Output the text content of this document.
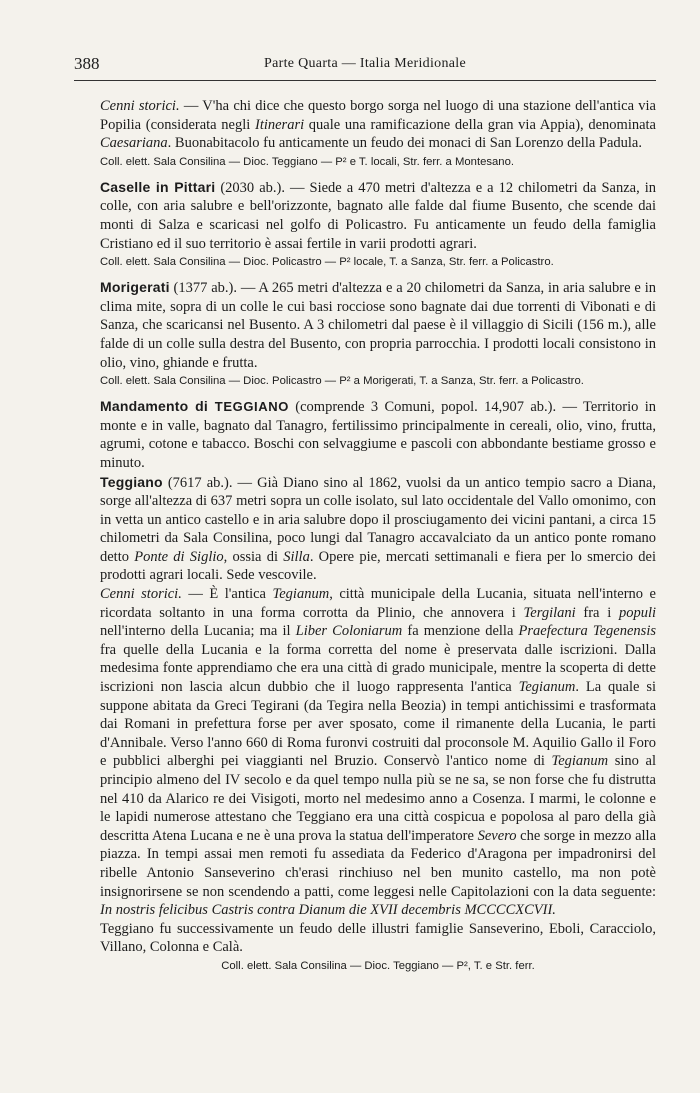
388	Parte Quarta — Italia Meridionale

Cenni storici. — V'ha chi dice che questo borgo sorga nel luogo di una stazione dell'antica via Popilia (considerata negli Itinerari quale una ramificazione della gran via Appia), denominata Caesariana. Buonabitacolo fu anticamente un feudo dei monaci di San Lorenzo della Padula.

Coll. elett. Sala Consilina — Dioc. Teggiano — P² e T. locali, Str. ferr. a Montesano.

Caselle in Pittari (2030 ab.). — Siede a 470 metri d'altezza e a 12 chilometri da Sanza, in colle, con aria salubre e bell'orizzonte, bagnato alle falde dal fiume Busento, che scende dai monti di Salza e scaricasi nel golfo di Policastro. Fu anticamente un feudo della famiglia Cristiano ed il suo territorio è assai fertile in varii prodotti agrari.

Coll. elett. Sala Consilina — Dioc. Policastro — P² locale, T. a Sanza, Str. ferr. a Policastro.

Morigerati (1377 ab.). — A 265 metri d'altezza e a 20 chilometri da Sanza, in aria salubre e in clima mite, sopra di un colle le cui basi rocciose sono bagnate dai due torrenti di Vibonati e di Sanza, che scaricansi nel Busento. A 3 chilometri dal paese è il villaggio di Sicili (156 m.), alle falde di un colle sulla destra del Busento, con propria parrocchia. I prodotti locali consistono in olio, vino, ghiande e frutta.

Coll. elett. Sala Consilina — Dioc. Policastro — P² a Morigerati, T. a Sanza, Str. ferr. a Policastro.

Mandamento di TEGGIANO (comprende 3 Comuni, popol. 14,907 ab.). — Territorio in monte e in valle, bagnato dal Tanagro, fertilissimo principalmente in cereali, olio, vino, frutta, agrumi, cotone e tabacco. Boschi con selvaggiume e pascoli con abbondante bestiame grosso e minuto.

Teggiano (7617 ab.). — Già Diano sino al 1862, vuolsi da un antico tempio sacro a Diana, sorge all'altezza di 637 metri sopra un colle isolato, sul lato occidentale del Vallo omonimo, con in vetta un antico castello e in aria salubre dopo il prosciugamento dei vicini pantani, a circa 15 chilometri da Sala Consilina, poco lungi dal Tanagro accavalciato da un antico ponte romano detto Ponte di Siglio, ossia di Silla. Opere pie, mercati settimanali e fiera per lo smercio dei prodotti agrari locali. Sede vescovile.

Cenni storici. — È l'antica Tegianum, città municipale della Lucania, situata nell'interno e ricordata soltanto in una forma corrotta da Plinio, che annovera i Tergilani fra i populi nell'interno della Lucania; ma il Liber Coloniarum fa menzione della Praefectura Tegenensis fra quelle della Lucania e la forma corretta del nome è preservata dalle iscrizioni. Dalla medesima fonte apprendiamo che era una città di grado municipale, mentre la scoperta di dette iscrizioni non lascia alcun dubbio che il luogo rappresenta l'antica Tegianum. La quale si suppone abitata da Greci Tegirani (da Tegira nella Beozia) in tempi antichissimi e trasformata dai Romani in prefettura forse per aver sposato, come il rimanente della Lucania, le parti d'Annibale. Verso l'anno 660 di Roma furonvi costruiti dal proconsole M. Aquilio Gallo il Foro e pubblici alberghi pei viaggianti nel Bruzio. Conservò l'antico nome di Tegianum sino al principio almeno del IV secolo e da quel tempo nulla più se ne sa, se non forse che fu distrutta nel 410 da Alarico re dei Visigoti, morto nel medesimo anno a Cosenza. I marmi, le colonne e le lapidi numerose attestano che Teggiano era una città cospicua e popolosa al paro della già descritta Atena Lucana e ne è una prova la statua dell'imperatore Severo che sorge in mezzo alla piazza. In tempi assai men remoti fu assediata da Federico d'Aragona per impadronirsi del ribelle Antonio Sanseverino ch'erasi rinchiuso nel ben munito castello, ma non potè insignorirsene se non scendendo a patti, come leggesi nelle Capitolazioni con la data seguente: In nostris felicibus Castris contra Dianum die XVII decembris MCCCCXCVII.

Teggiano fu successivamente un feudo delle illustri famiglie Sanseverino, Eboli, Caracciolo, Villano, Colonna e Calà.

Coll. elett. Sala Consilina — Dioc. Teggiano — P², T. e Str. ferr.
